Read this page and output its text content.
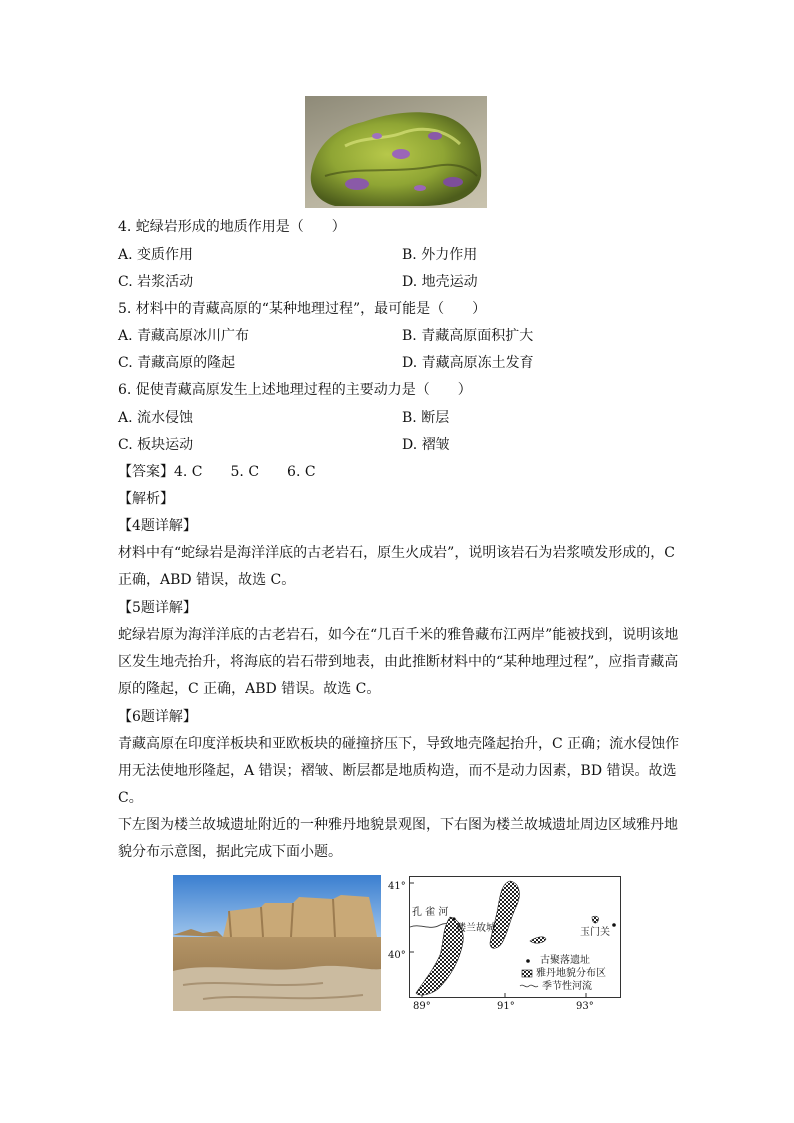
4. 蛇绿岩形成的地质作用是（　　）
A. 变质作用	B. 外力作用
C. 岩浆活动	D. 地壳运动
5. 材料中的青藏高原的“某种地理过程”，最可能是（　　）
A. 青藏高原冰川广布	B. 青藏高原面积扩大
C. 青藏高原的隆起	D. 青藏高原冻土发育
6. 促使青藏高原发生上述地理过程的主要动力是（　　）
A. 流水侵蚀	B. 断层
C. 板块运动	D. 褶皱
【答案】4. C　　5. C　　6. C
【解析】
【4题详解】
材料中有“蛇绿岩是海洋洋底的古老岩石，原生火成岩”，说明该岩石为岩浆喷发形成的，C
正确，ABD 错误，故选 C。
【5题详解】
蛇绿岩原为海洋洋底的古老岩石，如今在“几百千米的雅鲁藏布江两岸”能被找到，说明该地
区发生地壳抬升，将海底的岩石带到地表，由此推断材料中的“某种地理过程”，应指青藏高
原的隆起，C 正确，ABD 错误。故选 C。
【6题详解】
青藏高原在印度洋板块和亚欧板块的碰撞挤压下，导致地壳隆起抬升，C 正确；流水侵蚀作
用无法使地形隆起，A 错误；褶皱、断层都是地质构造，而不是动力因素，BD 错误。故选
C。
下左图为楼兰故城遗址附近的一种雅丹地貌景观图，下右图为楼兰故城遗址周边区域雅丹地
貌分布示意图，据此完成下面小题。
41°
40°
89°	91°	93°
孔 雀 河
楼兰故城	玉门关
古聚落遗址
雅丹地貌分布区
季节性河流
